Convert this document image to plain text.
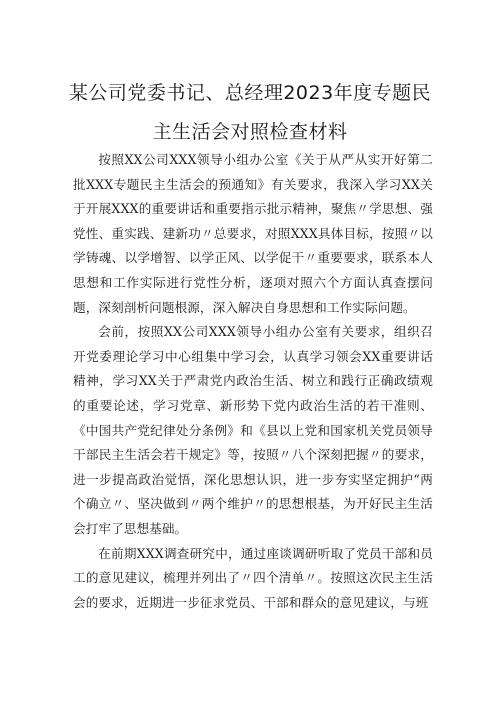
某公司党委书记、总经理2023年度专题民
主生活会对照检查材料

按照XX公司XXX领导小组办公室《关于从严从实开好第二批XXX专题民主生活会的预通知》有关要求，我深入学习XX关于开展XXX的重要讲话和重要指示批示精神，聚焦〃学思想、强党性、重实践、建新功〃总要求，对照XXX具体目标，按照〃以学铸魂、以学增智、以学正风、以学促干〃重要要求，联系本人思想和工作实际进行党性分析，逐项对照六个方面认真查摆问题，深刻剖析问题根源，深入解决自身思想和工作实际问题。

会前，按照XX公司XXX领导小组办公室有关要求，组织召开党委理论学习中心组集中学习会，认真学习领会XX重要讲话精神，学习XX关于严肃党内政治生活、树立和践行正确政绩观的重要论述，学习党章、新形势下党内政治生活的若干准则、《中国共产党纪律处分条例》和《县以上党和国家机关党员领导干部民主生活会若干规定》等，按照〃八个深刻把握〃的要求，进一步提高政治觉悟，深化思想认识，进一步夯实坚定拥护“两个确立〃、坚决做到〃两个维护〃的思想根基，为开好民主生活会打牢了思想基础。

在前期XXX调查研究中，通过座谈调研听取了党员干部和员工的意见建议，梳理并列出了〃四个清单〃。按照这次民主生活会的要求，近期进一步征求党员、干部和群众的意见建议，与班
